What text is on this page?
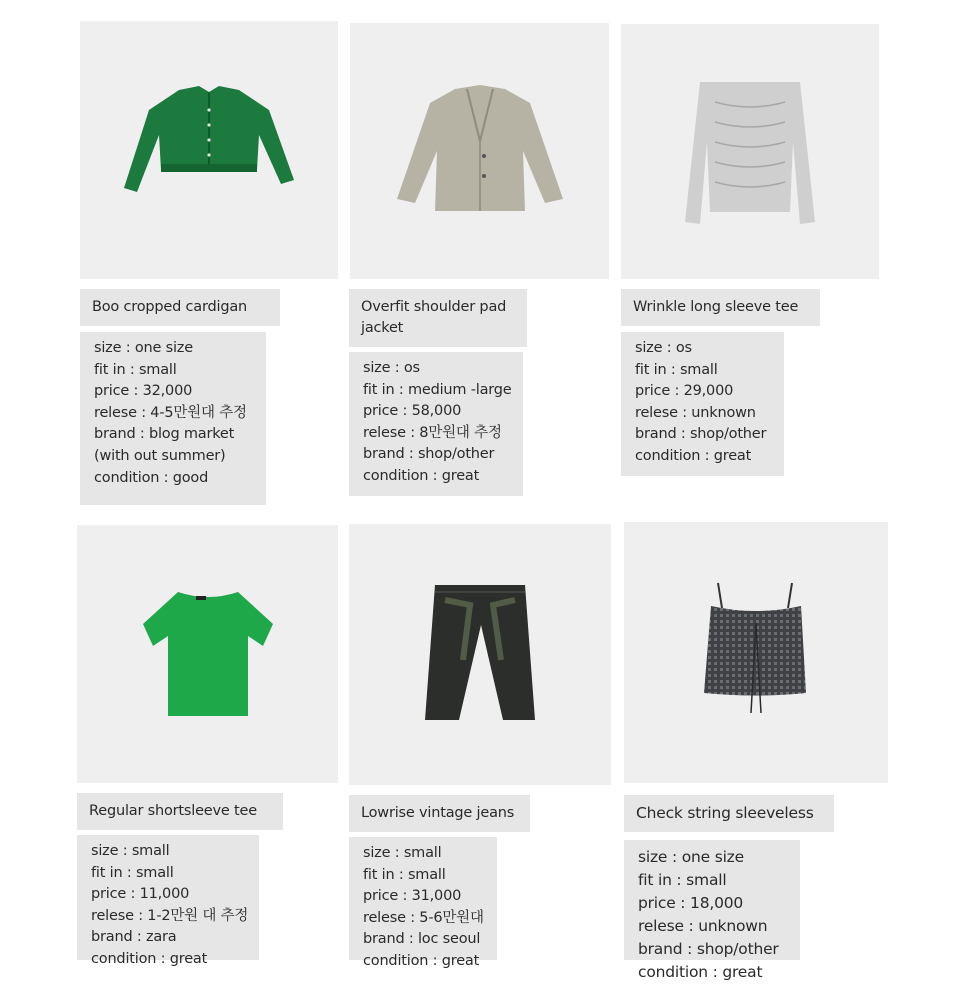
Boo cropped cardigan
size : one size
fit in : small
price : 32,000
relese : 4-5만원대 추정
brand : blog market
(with out summer)
condition : good
Overfit shoulder pad jacket
size : os
fit in : medium -large
price : 58,000
relese : 8만원대 추정
brand : shop/other
condition : great
Wrinkle long sleeve tee
size : os
fit in : small
price : 29,000
relese : unknown
brand : shop/other
condition : great
Regular shortsleeve tee
size : small
fit in : small
price : 11,000
relese : 1-2만원 대 추정
brand : zara
condition : great
Lowrise vintage jeans
size : small
fit in : small
price : 31,000
relese : 5-6만원대
brand : loc seoul
condition : great
Check string sleeveless
size : one size
fit in : small
price : 18,000
relese : unknown
brand : shop/other
condition : great
